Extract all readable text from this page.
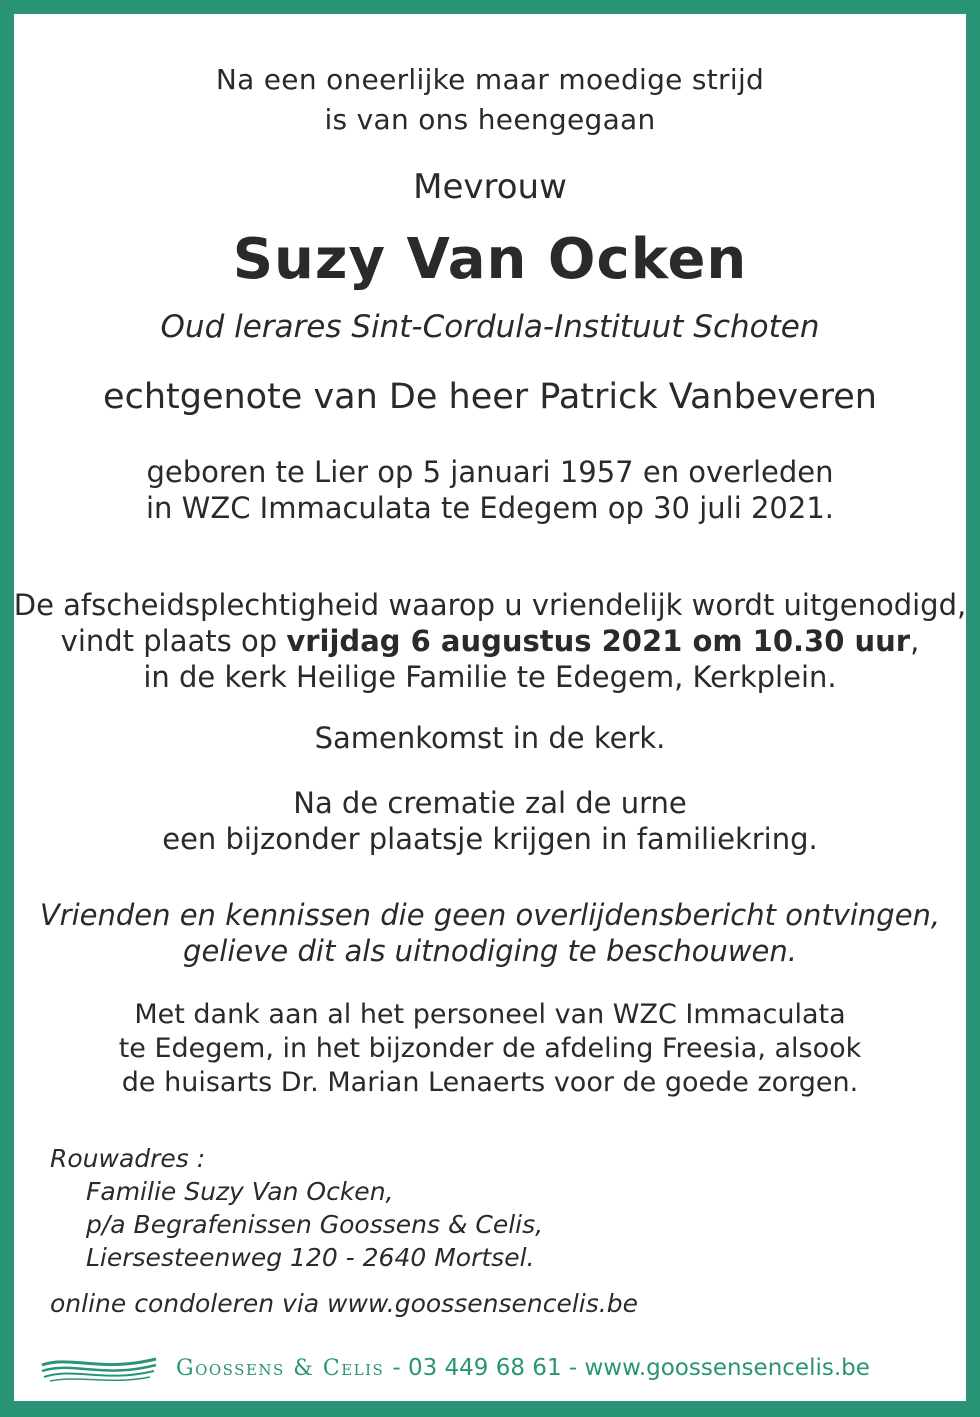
Na een oneerlijke maar moedige strijd
is van ons heengegaan
Mevrouw
Suzy Van Ocken
Oud lerares Sint-Cordula-Instituut Schoten
echtgenote van De heer Patrick Vanbeveren
geboren te Lier op 5 januari 1957 en overleden
in WZC Immaculata te Edegem op 30 juli 2021.
De afscheidsplechtigheid waarop u vriendelijk wordt uitgenodigd,
vindt plaats op vrijdag 6 augustus 2021 om 10.30 uur,
in de kerk Heilige Familie te Edegem, Kerkplein.
Samenkomst in de kerk.
Na de crematie zal de urne
een bijzonder plaatsje krijgen in familiekring.
Vrienden en kennissen die geen overlijdensbericht ontvingen,
gelieve dit als uitnodiging te beschouwen.
Met dank aan al het personeel van WZC Immaculata
te Edegem, in het bijzonder de afdeling Freesia, alsook
de huisarts Dr. Marian Lenaerts voor de goede zorgen.
Rouwadres :
Familie Suzy Van Ocken,
p/a Begrafenissen Goossens & Celis,
Liersesteenweg 120 - 2640 Mortsel.
online condoleren via www.goossensencelis.be
Goossens & Celis - 03 449 68 61 - www.goossensencelis.be
